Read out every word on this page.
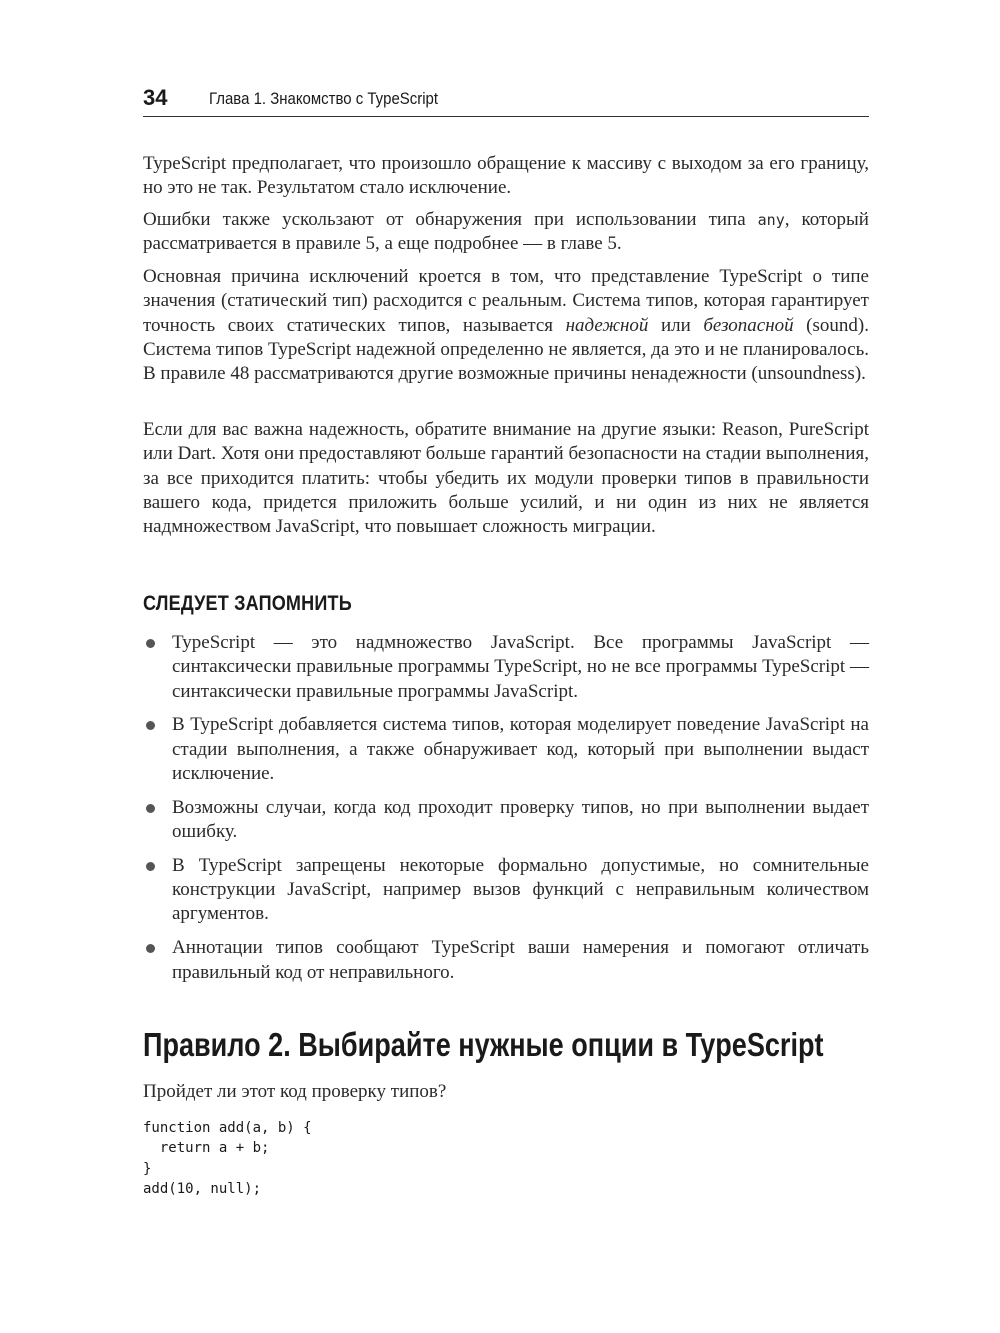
34 Глава 1. Знакомство с TypeScript

TypeScript предполагает, что произошло обращение к массиву с выходом за его границу, но это не так. Результатом стало исключение.

Ошибки также ускользают от обнаружения при использовании типа any, который рассматривается в правиле 5, а еще подробнее — в главе 5.

Основная причина исключений кроется в том, что представление TypeScript о типе значения (статический тип) расходится с реальным. Система типов, которая гарантирует точность своих статических типов, называется надежной или безопасной (sound). Система типов TypeScript надежной определенно не является, да это и не планировалось. В правиле 48 рассматриваются другие возможные причины ненадежности (unsoundness).

Если для вас важна надежность, обратите внимание на другие языки: Reason, PureScript или Dart. Хотя они предоставляют больше гарантий безопасности на стадии выполнения, за все приходится платить: чтобы убедить их модули проверки типов в правильности вашего кода, придется приложить больше усилий, и ни один из них не является надмножеством JavaScript, что повышает сложность миграции.

СЛЕДУЕТ ЗАПОМНИТЬ
TypeScript — это надмножество JavaScript. Все программы JavaScript — синтаксически правильные программы TypeScript, но не все программы TypeScript — синтаксически правильные программы JavaScript.
В TypeScript добавляется система типов, которая моделирует поведение JavaScript на стадии выполнения, а также обнаруживает код, который при выполнении выдаст исключение.
Возможны случаи, когда код проходит проверку типов, но при выполнении выдает ошибку.
В TypeScript запрещены некоторые формально допустимые, но сомнительные конструкции JavaScript, например вызов функций с неправильным количеством аргументов.
Аннотации типов сообщают TypeScript ваши намерения и помогают отличать правильный код от неправильного.
Правило 2. Выбирайте нужные опции в TypeScript
Пройдет ли этот код проверку типов?
function add(a, b) {
return a + b;
}
add(10, null);
